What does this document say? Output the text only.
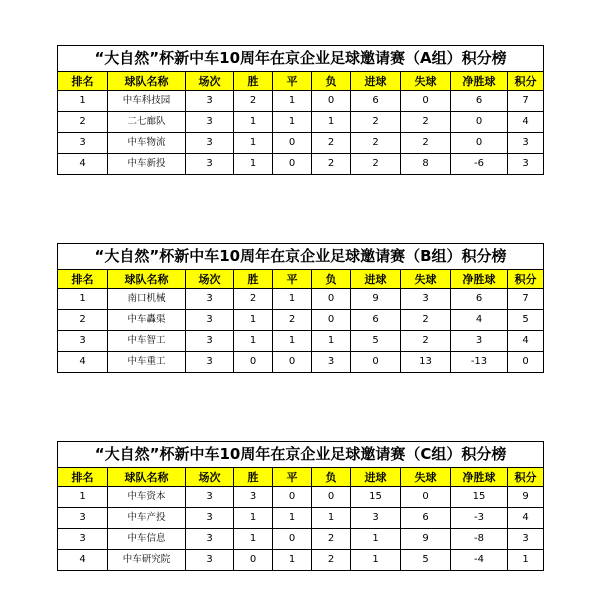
“大自然”杯新中车10周年在京企业足球邀请赛（A组）积分榜									
排名	球队名称	场次	胜	平	负	进球	失球	净胜球	积分
1	中车科技园	3	2	1	0	6	0	6	7
2	二七廊队	3	1	1	1	2	2	0	4
3	中车物流	3	1	0	2	2	2	0	3
4	中车新投	3	1	0	2	2	8	-6	3
“大自然”杯新中车10周年在京企业足球邀请赛（B组）积分榜									
排名	球队名称	场次	胜	平	负	进球	失球	净胜球	积分
1	南口机械	3	2	1	0	9	3	6	7
2	中车轟渠	3	1	2	0	6	2	4	5
3	中车智工	3	1	1	1	5	2	3	4
4	中车重工	3	0	0	3	0	13	-13	0
“大自然”杯新中车10周年在京企业足球邀请赛（C组）积分榜									
排名	球队名称	场次	胜	平	负	进球	失球	净胜球	积分
1	中车资本	3	3	0	0	15	0	15	9
3	中车产投	3	1	1	1	3	6	-3	4
3	中车信息	3	1	0	2	1	9	-8	3
4	中车研究院	3	0	1	2	1	5	-4	1
